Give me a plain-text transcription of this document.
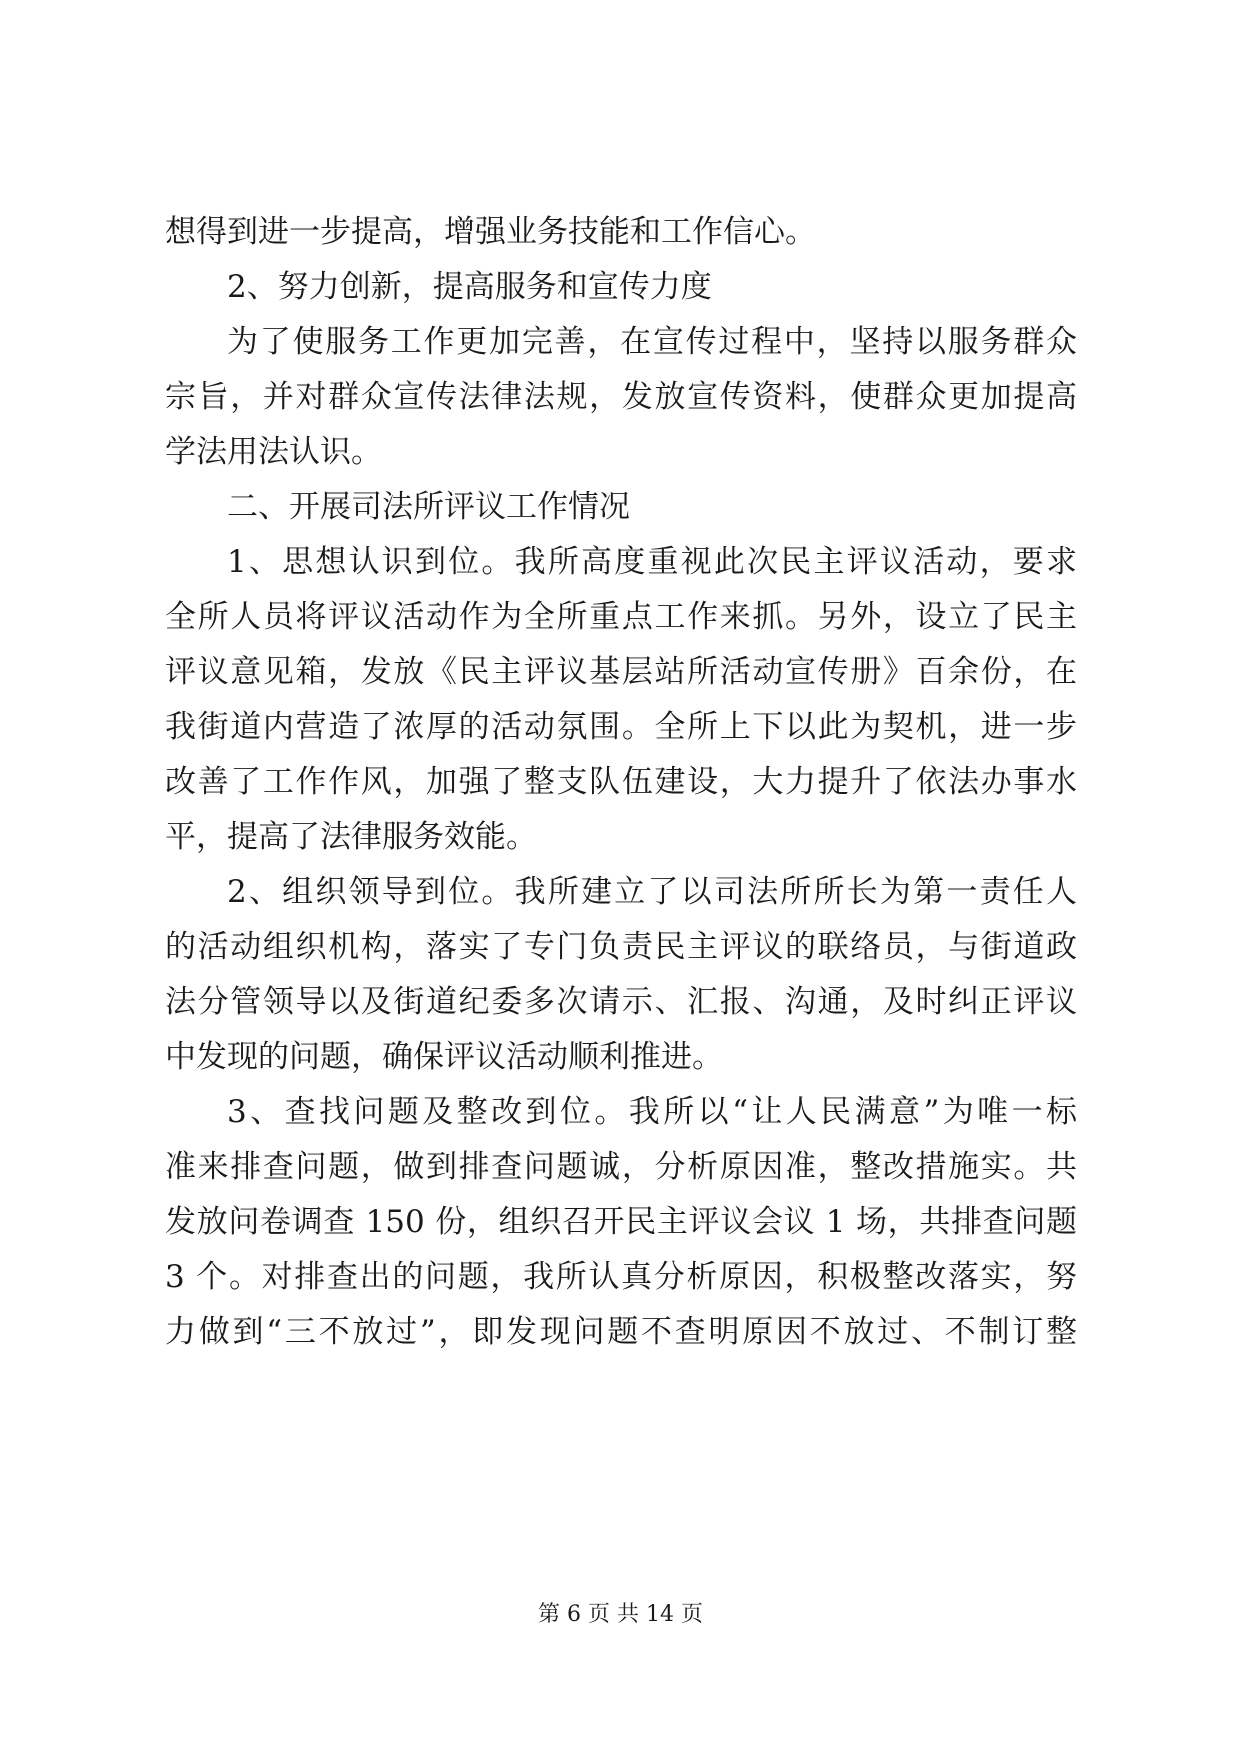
想得到进一步提高，增强业务技能和工作信心。

2、努力创新，提高服务和宣传力度

为了使服务工作更加完善，在宣传过程中，坚持以服务群众

宗旨，并对群众宣传法律法规，发放宣传资料，使群众更加提高

学法用法认识。

二、开展司法所评议工作情况

1、思想认识到位。我所高度重视此次民主评议活动，要求

全所人员将评议活动作为全所重点工作来抓。另外，设立了民主

评议意见箱，发放《民主评议基层站所活动宣传册》百余份，在

我街道内营造了浓厚的活动氛围。全所上下以此为契机，进一步

改善了工作作风，加强了整支队伍建设，大力提升了依法办事水

平，提高了法律服务效能。

2、组织领导到位。我所建立了以司法所所长为第一责任人

的活动组织机构，落实了专门负责民主评议的联络员，与街道政

法分管领导以及街道纪委多次请示、汇报、沟通，及时纠正评议

中发现的问题，确保评议活动顺利推进。

3、查找问题及整改到位。我所以“让人民满意”为唯一标

准来排查问题，做到排查问题诚，分析原因准，整改措施实。共

发放问卷调查 150 份，组织召开民主评议会议 1 场，共排查问题

3 个。对排查出的问题，我所认真分析原因，积极整改落实，努

力做到“三不放过”，即发现问题不查明原因不放过、不制订整

第 6 页 共 14 页
